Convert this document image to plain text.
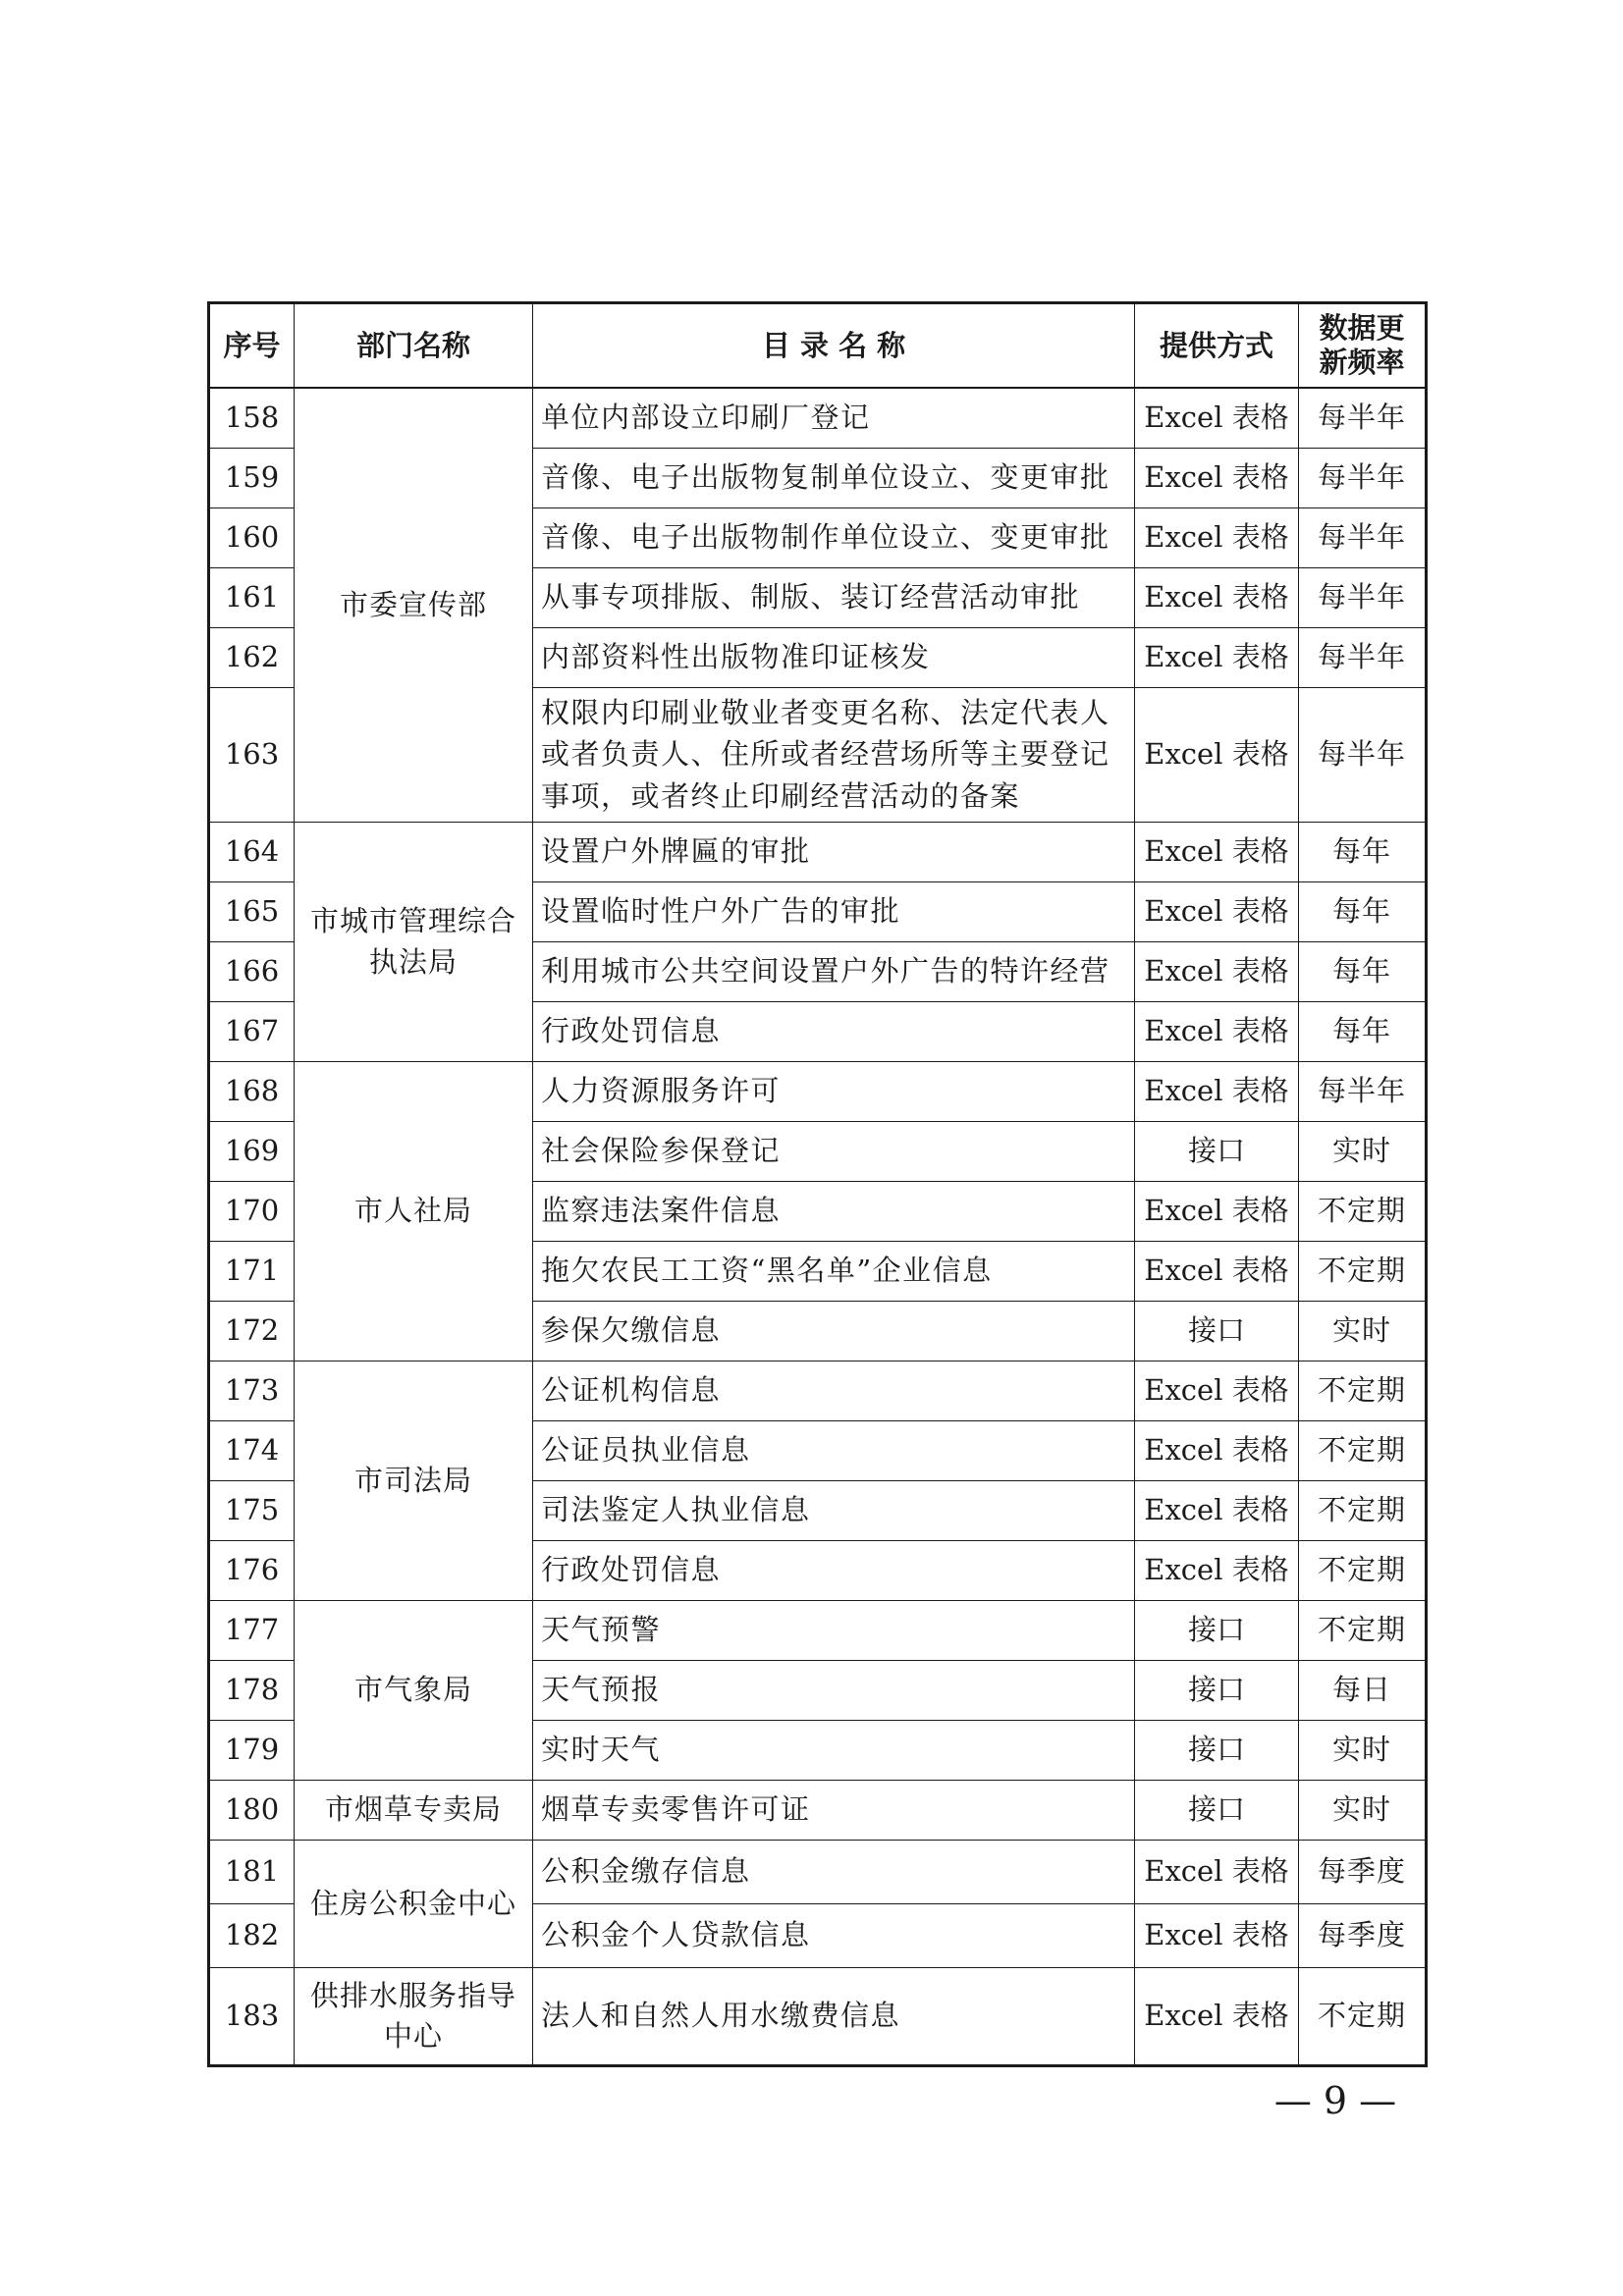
序号	部门名称	目 录 名 称	提供方式	数据更新频率
158	市委宣传部	单位内部设立印刷厂登记	Excel 表格	每半年
159		音像、电子出版物复制单位设立、变更审批	Excel 表格	每半年
160		音像、电子出版物制作单位设立、变更审批	Excel 表格	每半年
161		从事专项排版、制版、装订经营活动审批	Excel 表格	每半年
162		内部资料性出版物准印证核发	Excel 表格	每半年
163		权限内印刷业敬业者变更名称、法定代表人或者负责人、住所或者经营场所等主要登记事项，或者终止印刷经营活动的备案	Excel 表格	每半年
164	市城市管理综合执法局	设置户外牌匾的审批	Excel 表格	每年
165		设置临时性户外广告的审批	Excel 表格	每年
166		利用城市公共空间设置户外广告的特许经营	Excel 表格	每年
167		行政处罚信息	Excel 表格	每年
168	市人社局	人力资源服务许可	Excel 表格	每半年
169		社会保险参保登记	接口	实时
170		监察违法案件信息	Excel 表格	不定期
171		拖欠农民工工资“黑名单”企业信息	Excel 表格	不定期
172		参保欠缴信息	接口	实时
173	市司法局	公证机构信息	Excel 表格	不定期
174		公证员执业信息	Excel 表格	不定期
175		司法鉴定人执业信息	Excel 表格	不定期
176		行政处罚信息	Excel 表格	不定期
177	市气象局	天气预警	接口	不定期
178		天气预报	接口	每日
179		实时天气	接口	实时
180	市烟草专卖局	烟草专卖零售许可证	接口	实时
181	住房公积金中心	公积金缴存信息	Excel 表格	每季度
182		公积金个人贷款信息	Excel 表格	每季度
183	供排水服务指导中心	法人和自然人用水缴费信息	Excel 表格	不定期
— 9 —
